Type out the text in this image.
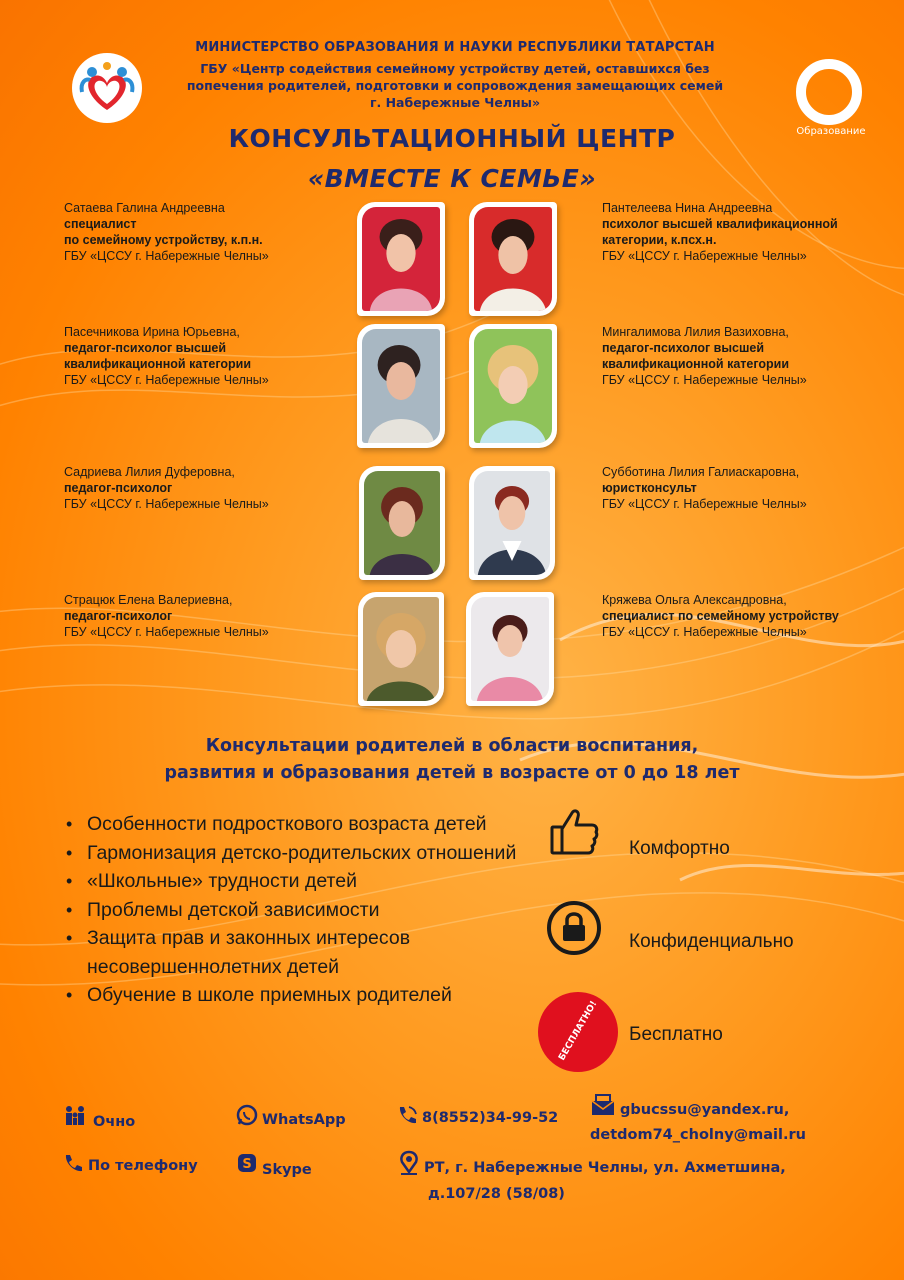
Образование
МИНИСТЕРСТВО ОБРАЗОВАНИЯ И НАУКИ РЕСПУБЛИКИ ТАТАРСТАН
ГБУ «Центр содействия семейному устройству детей, оставшихся без
попечения родителей, подготовки и сопровождения замещающих семей
г. Набережные Челны»
КОНСУЛЬТАЦИОННЫЙ ЦЕНТР
«ВМЕСТЕ К СЕМЬЕ»
Сатаева Галина Андреевна
специалист
по семейному устройству, к.п.н.
ГБУ «ЦССУ г. Набережные Челны»
Пантелеева Нина Андреевна
психолог высшей квалификационной
категории, к.псх.н.
ГБУ «ЦССУ г. Набережные Челны»
Пасечникова Ирина Юрьевна,
педагог-психолог высшей
квалификационной категории
ГБУ «ЦССУ г. Набережные Челны»
Мингалимова Лилия Вазиховна,
педагог-психолог высшей
квалификационной категории
ГБУ «ЦССУ г. Набережные Челны»
Садриева Лилия Дуферовна,
педагог-психолог
ГБУ «ЦССУ г. Набережные Челны»
Субботина Лилия Галиаскаровна,
юристконсульт
ГБУ «ЦССУ г. Набережные Челны»
Страцюк Елена Валериевна,
педагог-психолог
ГБУ «ЦССУ г. Набережные Челны»
Кряжева Ольга Александровна,
специалист по семейному устройству
ГБУ «ЦССУ г. Набережные Челны»
Консультации родителей в области воспитания,
развития и образования детей в возрасте от 0 до 18 лет
• Особенности подросткового возраста детей
• Гармонизация детско-родительских отношений
• «Школьные» трудности детей
• Проблемы детской зависимости
• Защита прав и законных интересов несовершеннолетних детей
• Обучение в школе приемных родителей
Комфортно
Конфиденциально
БЕСПЛАТНО! Бесплатно
Очно	WhatsApp	8(8552)34-99-52	gbucssu@yandex.ru,
detdom74_cholny@mail.ru
По телефону	S Skype	РТ, г. Набережные Челны, ул. Ахметшина,
д.107/28 (58/08)
